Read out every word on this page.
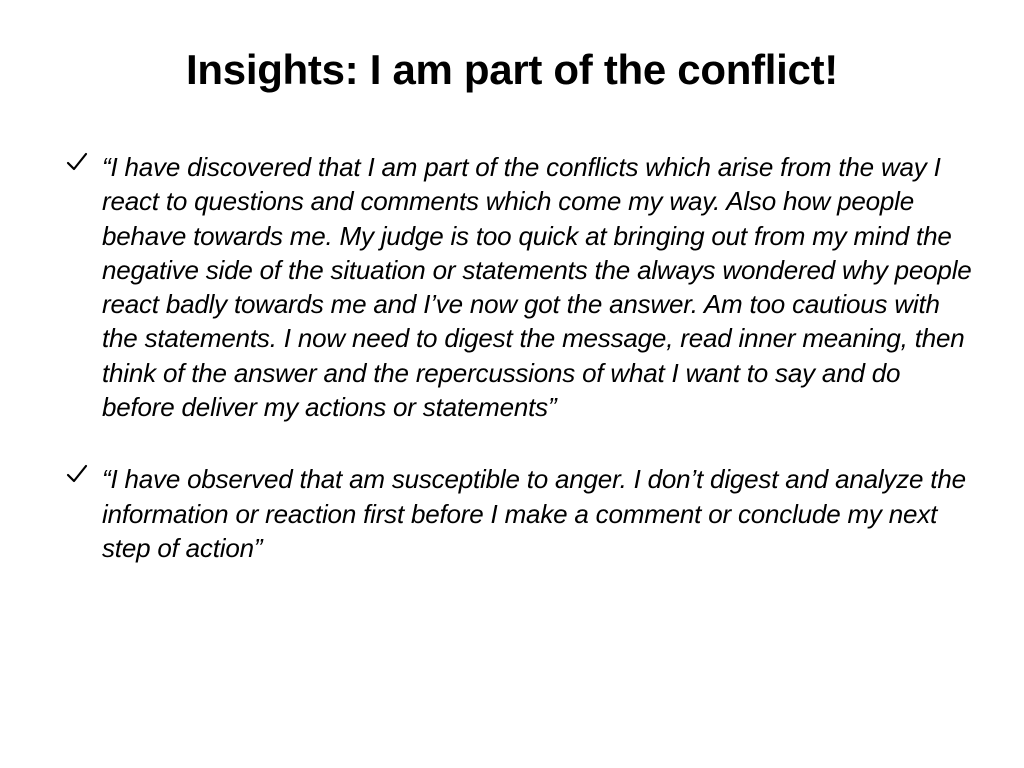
Insights: I am part of the conflict!
“I have discovered that I am part of the conflicts which arise from the way I react to questions and comments which come my way. Also how people behave towards me. My judge is too quick at bringing out from my mind the negative side of the situation or statements the always wondered why people react badly towards me and I’ve now got the answer. Am too cautious with the statements. I now need to digest the message, read inner meaning, then think of the answer and the repercussions of what I want to say and do before deliver my actions or statements”
“I have observed that am susceptible to anger. I don’t digest and analyze the information or reaction first before I make a comment or conclude my next step of action”
